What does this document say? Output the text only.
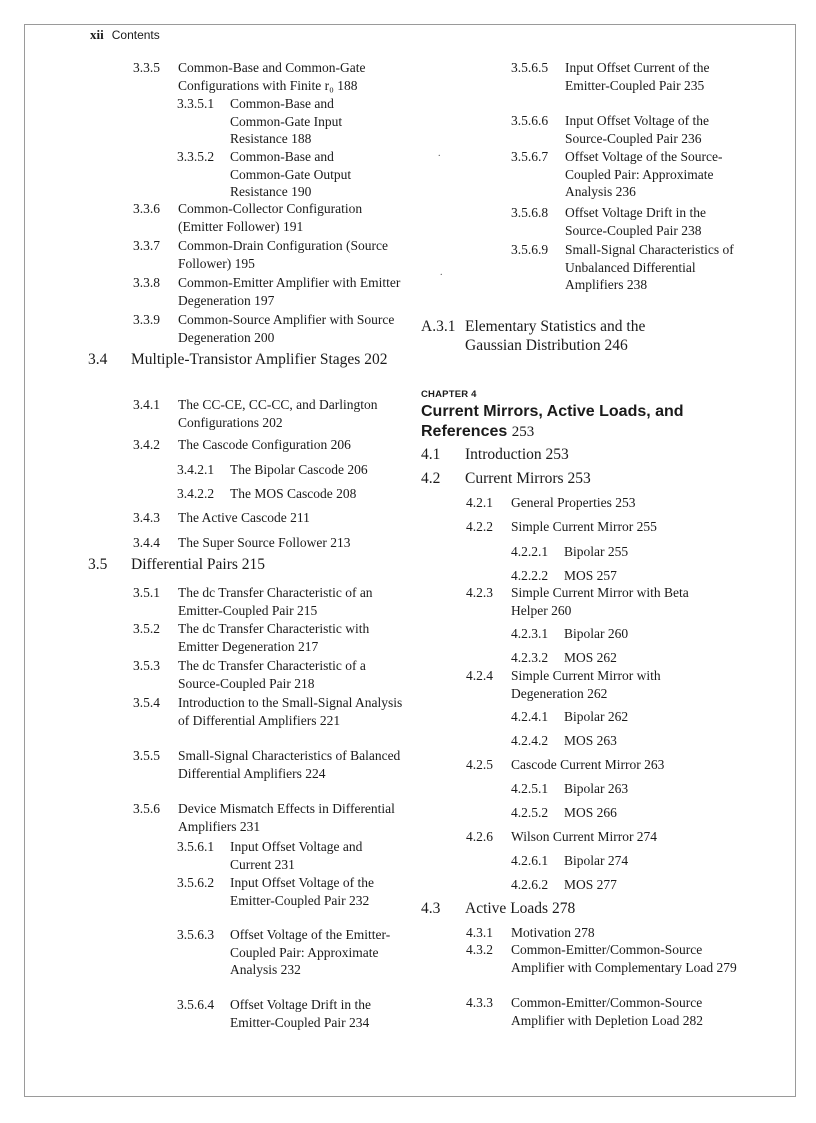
xii Contents
.
.
3.3.5 Common-Base and Common-Gate Configurations with Finite r₀ 188
3.3.5.1 Common-Base and Common-Gate Input Resistance 188
3.3.5.2 Common-Base and Common-Gate Output Resistance 190
3.3.6 Common-Collector Configuration (Emitter Follower) 191
3.3.7 Common-Drain Configuration (Source Follower) 195
3.3.8 Common-Emitter Amplifier with Emitter Degeneration 197
3.3.9 Common-Source Amplifier with Source Degeneration 200
3.4 Multiple-Transistor Amplifier Stages 202
3.4.1 The CC-CE, CC-CC, and Darlington Configurations 202
3.4.2 The Cascode Configuration 206
3.4.2.1 The Bipolar Cascode 206
3.4.2.2 The MOS Cascode 208
3.4.3 The Active Cascode 211
3.4.4 The Super Source Follower 213
3.5 Differential Pairs 215
3.5.1 The dc Transfer Characteristic of an Emitter-Coupled Pair 215
3.5.2 The dc Transfer Characteristic with Emitter Degeneration 217
3.5.3 The dc Transfer Characteristic of a Source-Coupled Pair 218
3.5.4 Introduction to the Small-Signal Analysis of Differential Amplifiers 221
3.5.5 Small-Signal Characteristics of Balanced Differential Amplifiers 224
3.5.6 Device Mismatch Effects in Differential Amplifiers 231
3.5.6.1 Input Offset Voltage and Current 231
3.5.6.2 Input Offset Voltage of the Emitter-Coupled Pair 232
3.5.6.3 Offset Voltage of the Emitter-Coupled Pair: Approximate Analysis 232
3.5.6.4 Offset Voltage Drift in the Emitter-Coupled Pair 234
3.5.6.5 Input Offset Current of the Emitter-Coupled Pair 235
3.5.6.6 Input Offset Voltage of the Source-Coupled Pair 236
3.5.6.7 Offset Voltage of the Source-Coupled Pair: Approximate Analysis 236
3.5.6.8 Offset Voltage Drift in the Source-Coupled Pair 238
3.5.6.9 Small-Signal Characteristics of Unbalanced Differential Amplifiers 238
A.3.1 Elementary Statistics and the Gaussian Distribution 246
CHAPTER 4
Current Mirrors, Active Loads, and References 253
4.1 Introduction 253
4.2 Current Mirrors 253
4.2.1 General Properties 253
4.2.2 Simple Current Mirror 255
4.2.2.1 Bipolar 255
4.2.2.2 MOS 257
4.2.3 Simple Current Mirror with Beta Helper 260
4.2.3.1 Bipolar 260
4.2.3.2 MOS 262
4.2.4 Simple Current Mirror with Degeneration 262
4.2.4.1 Bipolar 262
4.2.4.2 MOS 263
4.2.5 Cascode Current Mirror 263
4.2.5.1 Bipolar 263
4.2.5.2 MOS 266
4.2.6 Wilson Current Mirror 274
4.2.6.1 Bipolar 274
4.2.6.2 MOS 277
4.3 Active Loads 278
4.3.1 Motivation 278
4.3.2 Common-Emitter/Common-Source Amplifier with Complementary Load 279
4.3.3 Common-Emitter/Common-Source Amplifier with Depletion Load 282
